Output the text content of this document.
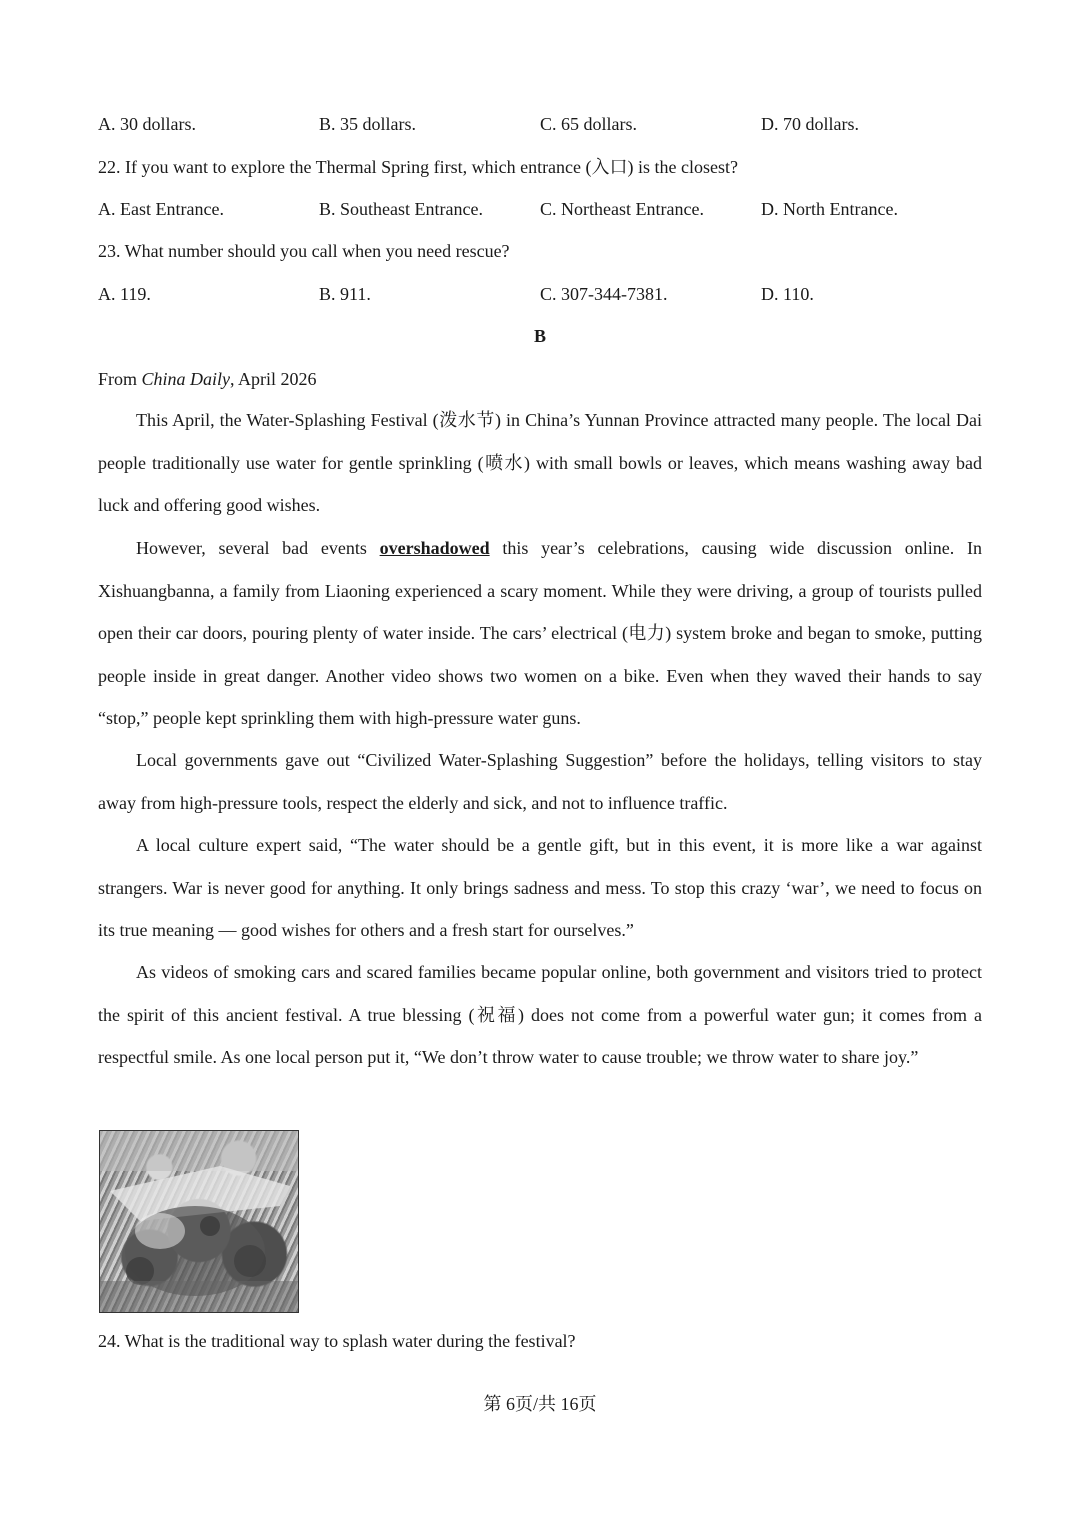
A. 30 dollars.	B. 35 dollars.	C. 65 dollars.	D. 70 dollars.
22. If you want to explore the Thermal Spring first, which entrance (入口) is the closest?
A. East Entrance.	B. Southeast Entrance.	C. Northeast Entrance.	D. North Entrance.
23. What number should you call when you need rescue?
A. 119.	B. 911.	C. 307-344-7381.	D. 110.
B
From China Daily, April 2026

This April, the Water-Splashing Festival (泼水节) in China’s Yunnan Province attracted many people. The local Dai people traditionally use water for gentle sprinkling (喷水) with small bowls or leaves, which means washing away bad luck and offering good wishes.

However, several bad events overshadowed this year’s celebrations, causing wide discussion online. In Xishuangbanna, a family from Liaoning experienced a scary moment. While they were driving, a group of tourists pulled open their car doors, pouring plenty of water inside. The cars’ electrical (电力) system broke and began to smoke, putting people inside in great danger. Another video shows two women on a bike. Even when they waved their hands to say “stop,” people kept sprinkling them with high-pressure water guns.

Local governments gave out “Civilized Water-Splashing Suggestion” before the holidays, telling visitors to stay away from high-pressure tools, respect the elderly and sick, and not to influence traffic.

A local culture expert said, “The water should be a gentle gift, but in this event, it is more like a war against strangers. War is never good for anything. It only brings sadness and mess. To stop this crazy ‘war’, we need to focus on its true meaning — good wishes for others and a fresh start for ourselves.”

As videos of smoking cars and scared families became popular online, both government and visitors tried to protect the spirit of this ancient festival. A true blessing (祝福) does not come from a powerful water gun; it comes from a respectful smile. As one local person put it, “We don’t throw water to cause trouble; we throw water to share joy.”

24. What is the traditional way to splash water during the festival?
第 6页/共 16页
